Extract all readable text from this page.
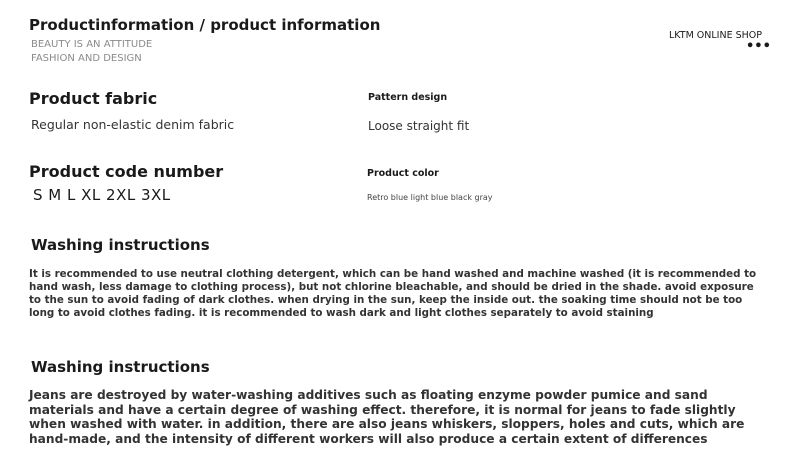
Productinformation / product information
BEAUTY IS AN ATTITUDE
FASHION AND DESIGN
LKTM ONLINE SHOP
•••
Product fabric
Regular non-elastic denim fabric
Pattern design
Loose straight fit
Product code number
S M L XL 2XL 3XL
Product color
Retro blue light blue black gray
Washing instructions
It is recommended to use neutral clothing detergent, which can be hand washed and machine washed (it is recommended to hand wash, less damage to clothing process), but not chlorine bleachable, and should be dried in the shade. avoid exposure to the sun to avoid fading of dark clothes. when drying in the sun, keep the inside out. the soaking time should not be too long to avoid clothes fading. it is recommended to wash dark and light clothes separately to avoid staining
Washing instructions
Jeans are destroyed by water-washing additives such as floating enzyme powder pumice and sand materials and have a certain degree of washing effect. therefore, it is normal for jeans to fade slightly when washed with water. in addition, there are also jeans whiskers, sloppers, holes and cuts, which are hand-made, and the intensity of different workers will also produce a certain extent of differences
